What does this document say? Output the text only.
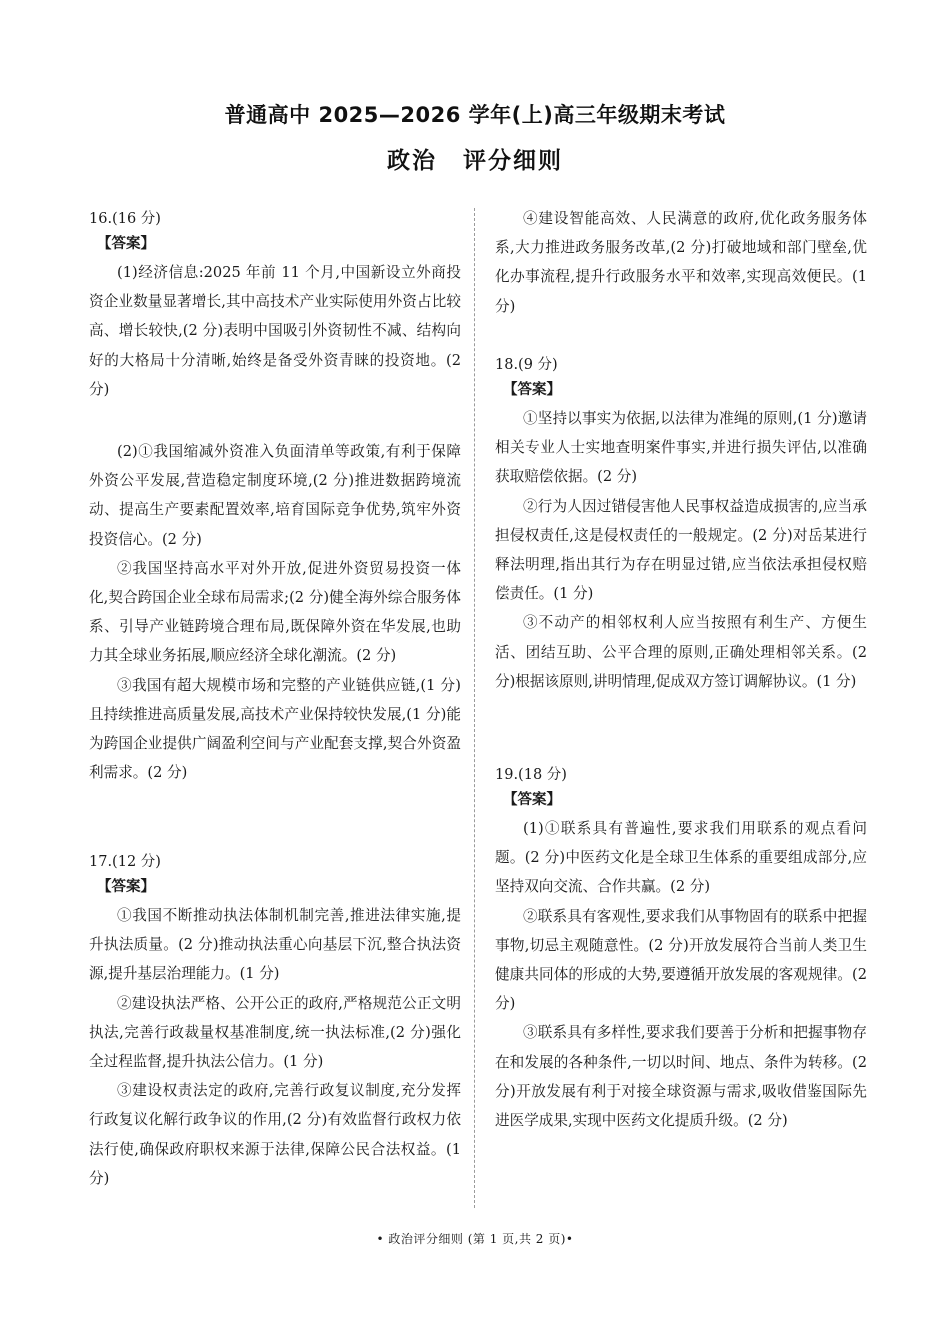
普通高中 2025—2026 学年(上)高三年级期末考试
政治 评分细则
16.(16 分)
【答案】

(1)经济信息:2025 年前 11 个月,中国新设立外商投资企业数量显著增长,其中高技术产业实际使用外资占比较高、增长较快,(2 分)表明中国吸引外资韧性不减、结构向好的大格局十分清晰,始终是备受外资青睐的投资地。(2 分)

(2)①我国缩减外资准入负面清单等政策,有利于保障外资公平发展,营造稳定制度环境,(2 分)推进数据跨境流动、提高生产要素配置效率,培育国际竞争优势,筑牢外资投资信心。(2 分)

②我国坚持高水平对外开放,促进外资贸易投资一体化,契合跨国企业全球布局需求;(2 分)健全海外综合服务体系、引导产业链跨境合理布局,既保障外资在华发展,也助力其全球业务拓展,顺应经济全球化潮流。(2 分)

③我国有超大规模市场和完整的产业链供应链,(1 分)且持续推进高质量发展,高技术产业保持较快发展,(1 分)能为跨国企业提供广阔盈利空间与产业配套支撑,契合外资盈利需求。(2 分)

17.(12 分)
【答案】

①我国不断推动执法体制机制完善,推进法律实施,提升执法质量。(2 分)推动执法重心向基层下沉,整合执法资源,提升基层治理能力。(1 分)

②建设执法严格、公开公正的政府,严格规范公正文明执法,完善行政裁量权基准制度,统一执法标准,(2 分)强化全过程监督,提升执法公信力。(1 分)

③建设权责法定的政府,完善行政复议制度,充分发挥行政复议化解行政争议的作用,(2 分)有效监督行政权力依法行使,确保政府职权来源于法律,保障公民合法权益。(1 分)

④建设智能高效、人民满意的政府,优化政务服务体系,大力推进政务服务改革,(2 分)打破地域和部门壁垒,优化办事流程,提升行政服务水平和效率,实现高效便民。(1 分)

18.(9 分)
【答案】

①坚持以事实为依据,以法律为准绳的原则,(1 分)邀请相关专业人士实地查明案件事实,并进行损失评估,以准确获取赔偿依据。(2 分)

②行为人因过错侵害他人民事权益造成损害的,应当承担侵权责任,这是侵权责任的一般规定。(2 分)对岳某进行释法明理,指出其行为存在明显过错,应当依法承担侵权赔偿责任。(1 分)

③不动产的相邻权利人应当按照有利生产、方便生活、团结互助、公平合理的原则,正确处理相邻关系。(2 分)根据该原则,讲明情理,促成双方签订调解协议。(1 分)

19.(18 分)
【答案】

(1)①联系具有普遍性,要求我们用联系的观点看问题。(2 分)中医药文化是全球卫生体系的重要组成部分,应坚持双向交流、合作共赢。(2 分)

②联系具有客观性,要求我们从事物固有的联系中把握事物,切忌主观随意性。(2 分)开放发展符合当前人类卫生健康共同体的形成的大势,要遵循开放发展的客观规律。(2 分)

③联系具有多样性,要求我们要善于分析和把握事物存在和发展的各种条件,一切以时间、地点、条件为转移。(2 分)开放发展有利于对接全球资源与需求,吸收借鉴国际先进医学成果,实现中医药文化提质升级。(2 分)

• 政治评分细则 (第 1 页,共 2 页)•
